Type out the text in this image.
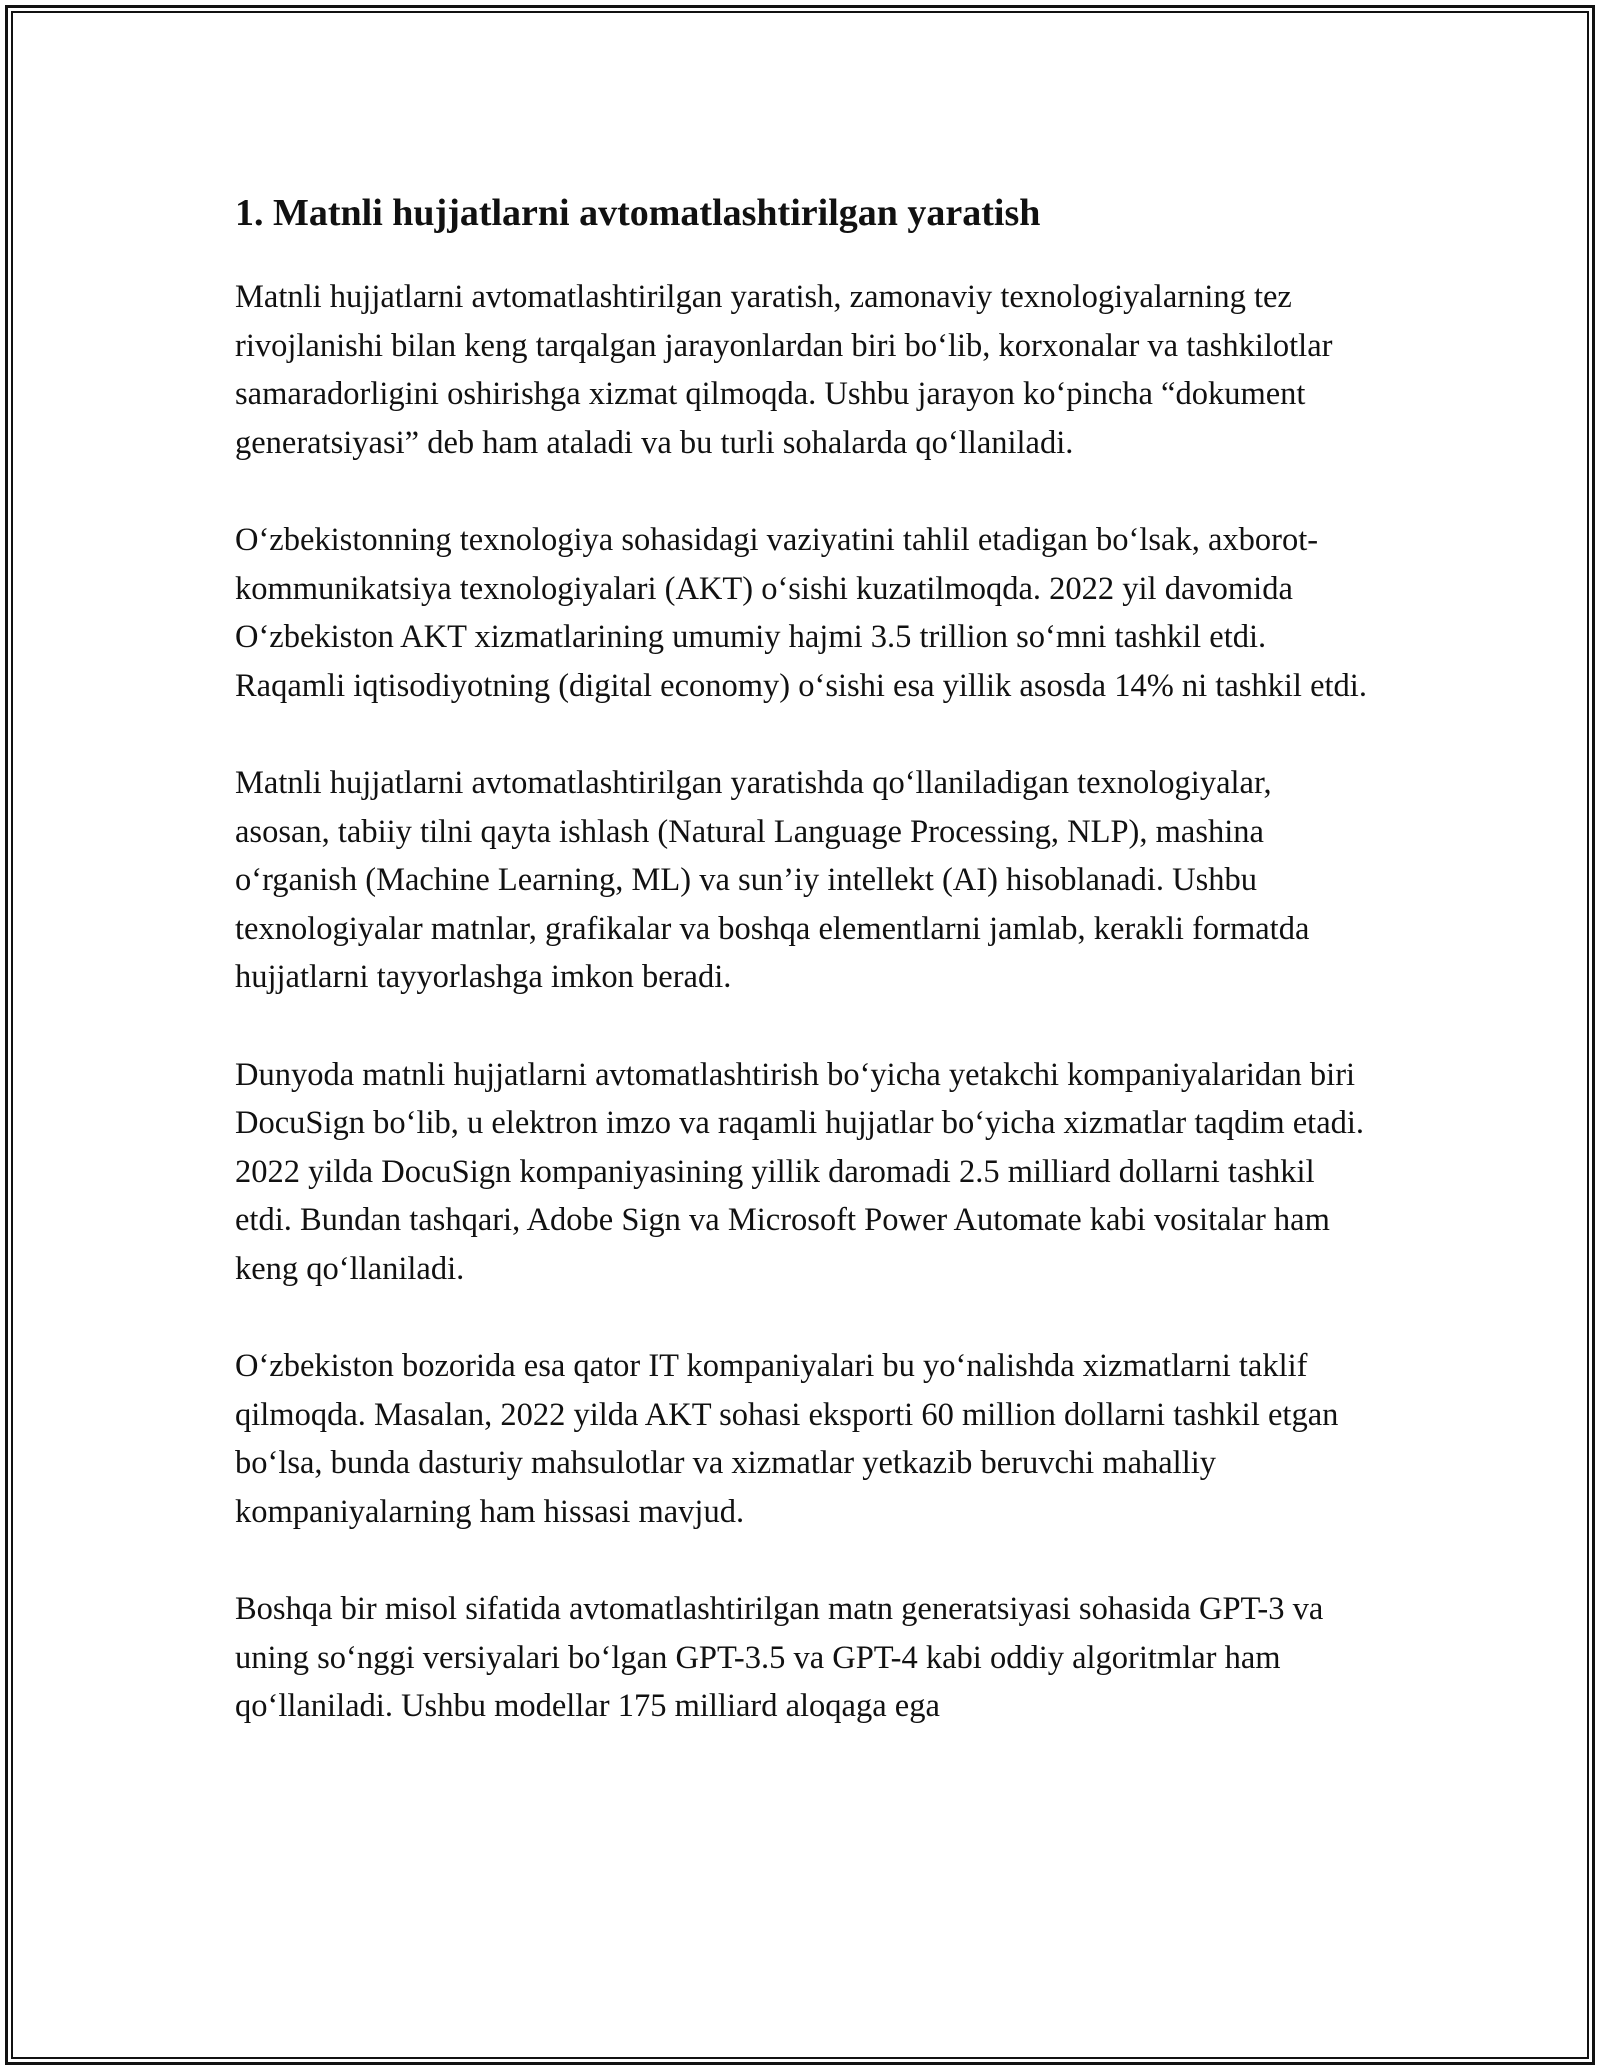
1. Matnli hujjatlarni avtomatlashtirilgan yaratish

Matnli hujjatlarni avtomatlashtirilgan yaratish, zamonaviy texnologiyalarning tez rivojlanishi bilan keng tarqalgan jarayonlardan biri boʻlib, korxonalar va tashkilotlar samaradorligini oshirishga xizmat qilmoqda. Ushbu jarayon koʻpincha “dokument generatsiyasi” deb ham ataladi va bu turli sohalarda qoʻllaniladi.

Oʻzbekistonning texnologiya sohasidagi vaziyatini tahlil etadigan boʻlsak, axborot-kommunikatsiya texnologiyalari (AKT) oʻsishi kuzatilmoqda. 2022 yil davomida Oʻzbekiston AKT xizmatlarining umumiy hajmi 3.5 trillion soʻmni tashkil etdi. Raqamli iqtisodiyotning (digital economy) oʻsishi esa yillik asosda 14% ni tashkil etdi.

Matnli hujjatlarni avtomatlashtirilgan yaratishda qoʻllaniladigan texnologiyalar, asosan, tabiiy tilni qayta ishlash (Natural Language Processing, NLP), mashina oʻrganish (Machine Learning, ML) va sun’iy intellekt (AI) hisoblanadi. Ushbu texnologiyalar matnlar, grafikalar va boshqa elementlarni jamlab, kerakli formatda hujjatlarni tayyorlashga imkon beradi.

Dunyoda matnli hujjatlarni avtomatlashtirish boʻyicha yetakchi kompaniyalaridan biri DocuSign boʻlib, u elektron imzo va raqamli hujjatlar boʻyicha xizmatlar taqdim etadi. 2022 yilda DocuSign kompaniyasining yillik daromadi 2.5 milliard dollarni tashkil etdi. Bundan tashqari, Adobe Sign va Microsoft Power Automate kabi vositalar ham keng qoʻllaniladi.

Oʻzbekiston bozorida esa qator IT kompaniyalari bu yoʻnalishda xizmatlarni taklif qilmoqda. Masalan, 2022 yilda AKT sohasi eksporti 60 million dollarni tashkil etgan boʻlsa, bunda dasturiy mahsulotlar va xizmatlar yetkazib beruvchi mahalliy kompaniyalarning ham hissasi mavjud.

Boshqa bir misol sifatida avtomatlashtirilgan matn generatsiyasi sohasida GPT-3 va uning soʻnggi versiyalari boʻlgan GPT-3.5 va GPT-4 kabi oddiy algoritmlar ham qoʻllaniladi. Ushbu modellar 175 milliard aloqaga ega
